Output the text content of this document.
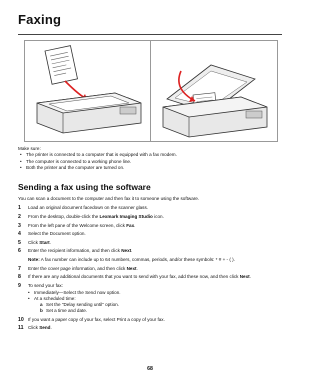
Faxing
Make sure:
• The printer is connected to a computer that is equipped with a fax modem.
• The computer is connected to a working phone line.
• Both the printer and the computer are turned on.
Sending a fax using the software
You can scan a document to the computer and then fax it to someone using the software.
1	Load an original document facedown on the scanner glass.
2	From the desktop, double-click the Lexmark Imaging Studio icon.
3	From the left pane of the Welcome screen, click Fax.
4	Select the Document option.
5	Click Start.
6	Enter the recipient information, and then click Next.
Note: A fax number can include up to 64 numbers, commas, periods, and/or these symbols: * # + - ( ).
7	Enter the cover page information, and then click Next.
8	If there are any additional documents that you want to send with your fax, add these now, and then click Next.
9	To send your fax:
• Immediately—Select the Send now option.
• At a scheduled time:
a Set the "Delay sending until" option.
b Set a time and date.
10 If you want a paper copy of your fax, select Print a copy of your fax.
11 Click Send.
68
